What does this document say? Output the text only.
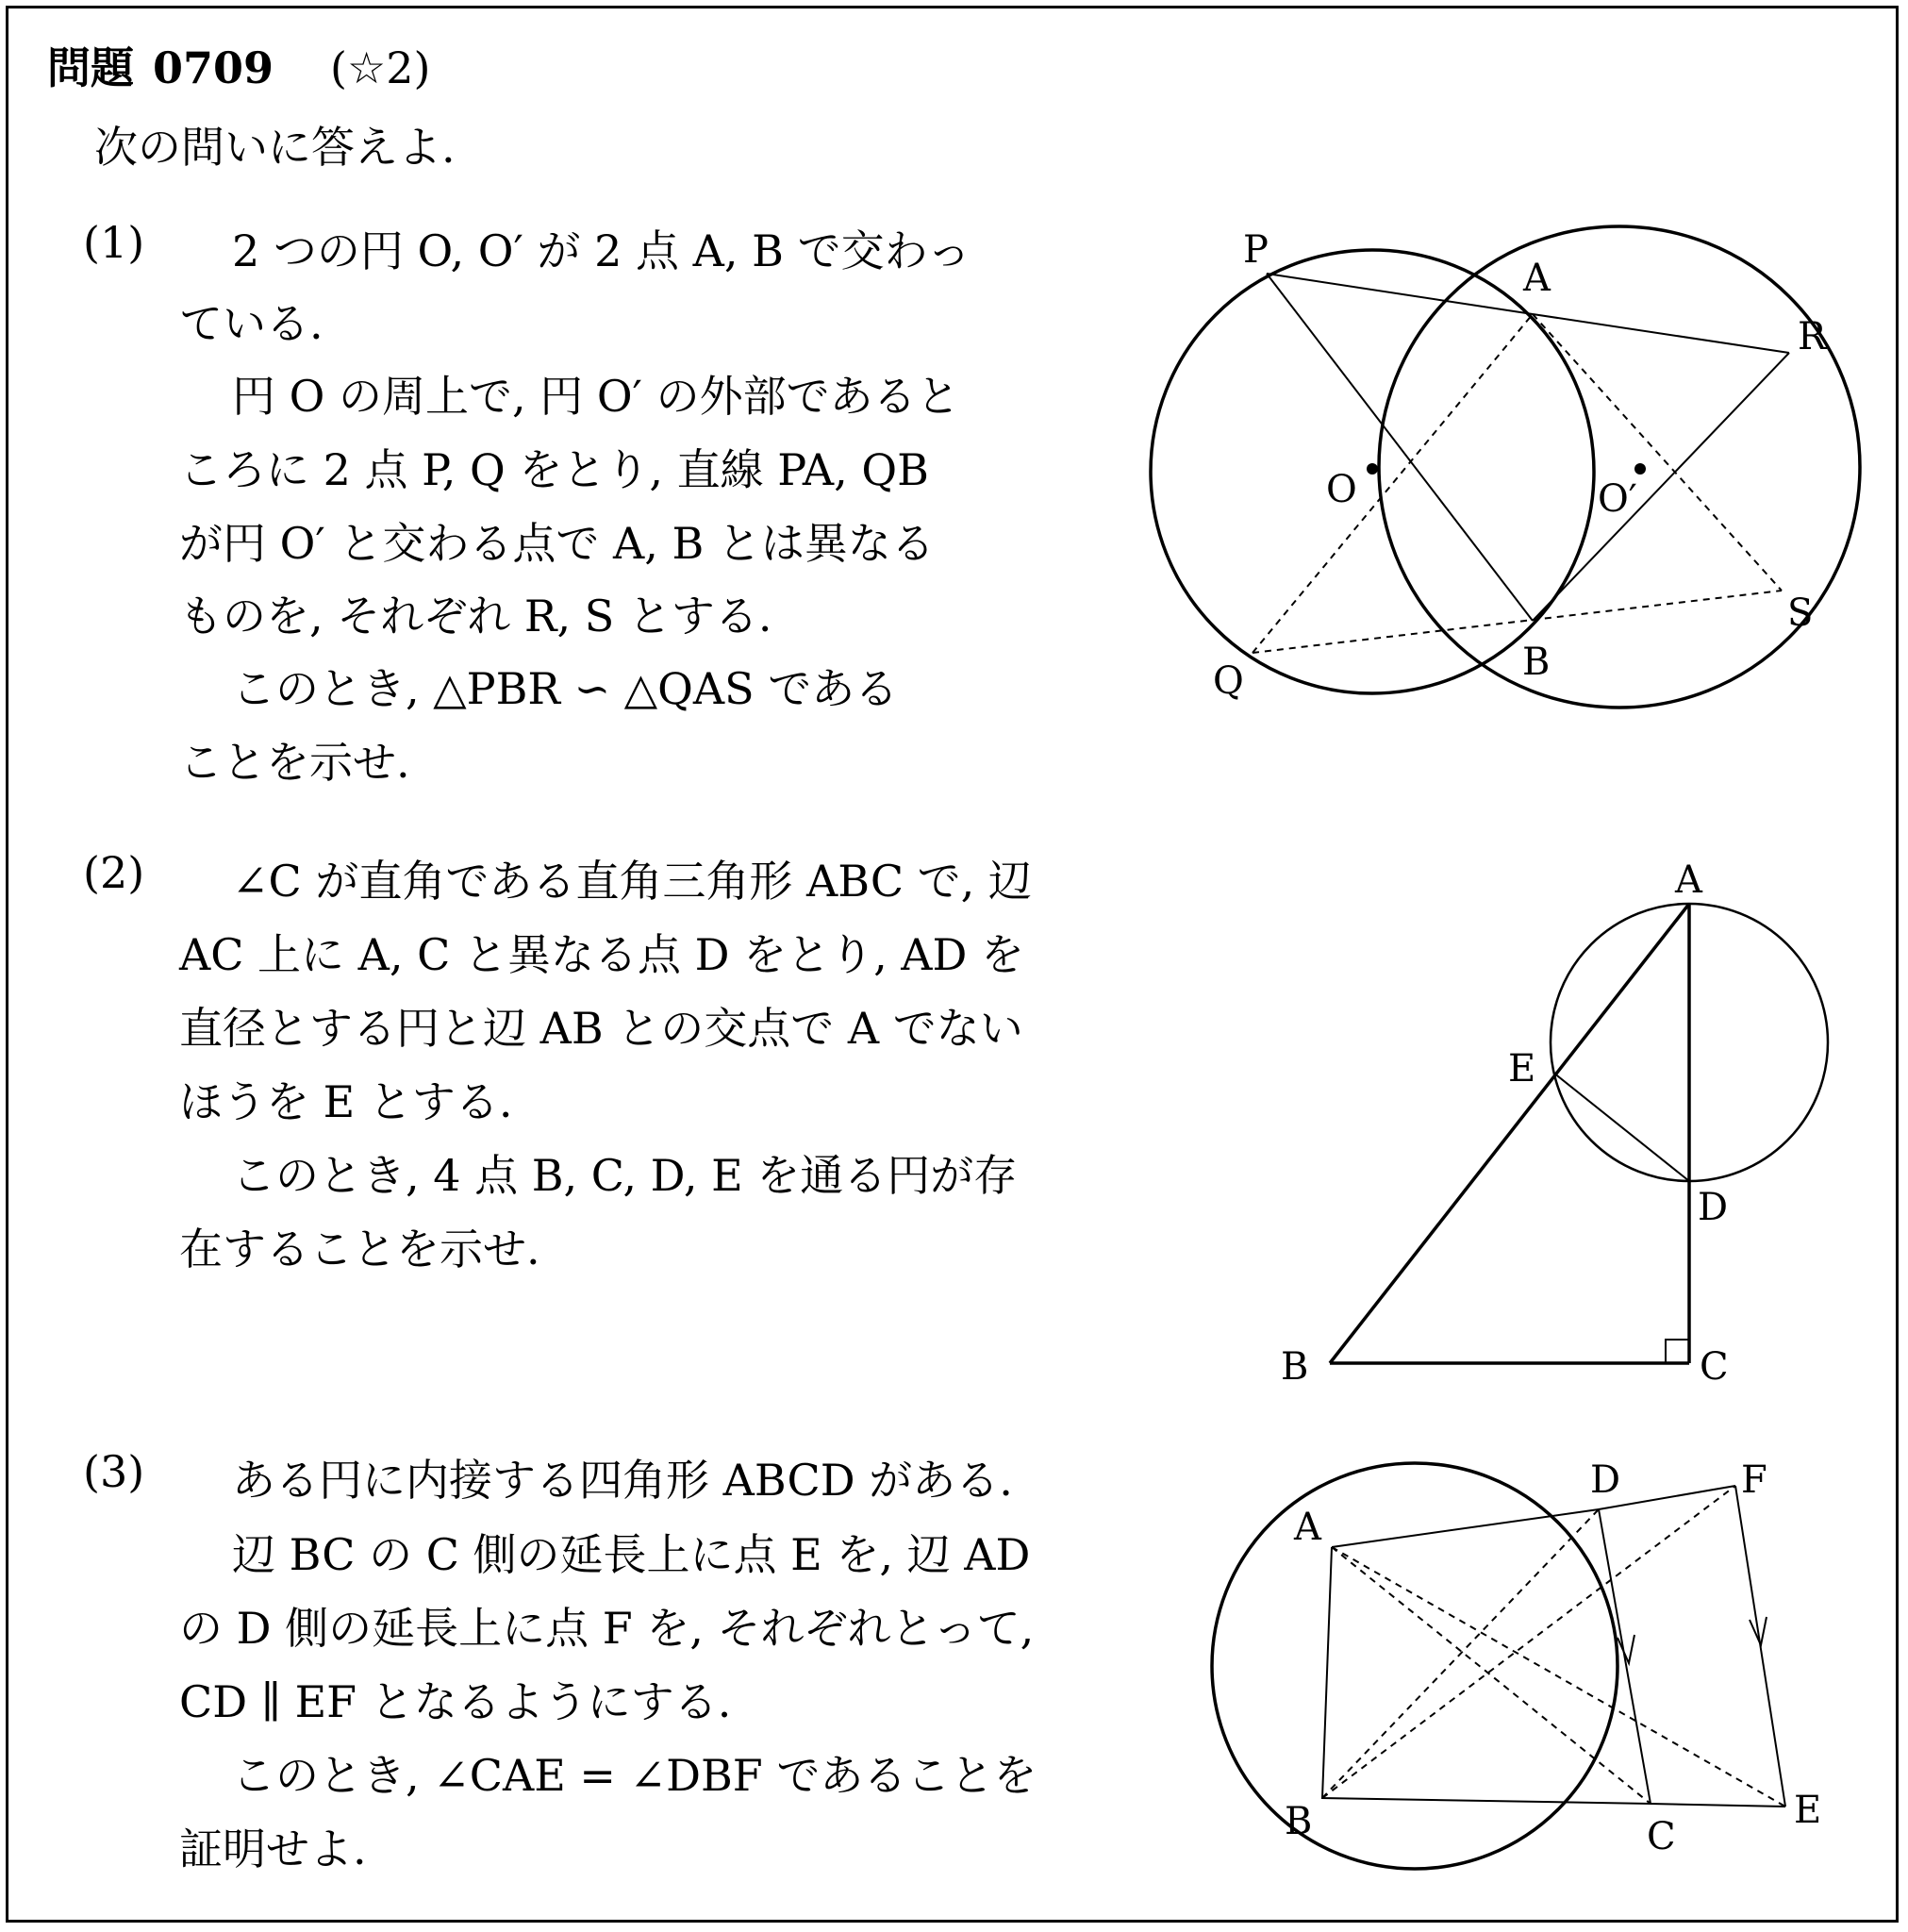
問題 0709 (☆2)
次の問いに答えよ.
(1) 2 つの円 O, O′ が 2 点 A, B で交わっ
ている.
円 O の周上で, 円 O′ の外部であると
ころに 2 点 P, Q をとり, 直線 PA, QB
が円 O′ と交わる点で A, B とは異なる
ものを, それぞれ R, S とする.
このとき, △PBR ∽ △QAS である
ことを示せ.
(2) ∠C が直角である直角三角形 ABC で, 辺
AC 上に A, C と異なる点 D をとり, AD を
直径とする円と辺 AB との交点で A でない
ほうを E とする.
このとき, 4 点 B, C, D, E を通る円が存
在することを示せ.
(3) ある円に内接する四角形 ABCD がある.
辺 BC の C 側の延長上に点 E を, 辺 AD
の D 側の延長上に点 F を, それぞれとって,
CD ∥ EF となるようにする.
このとき, ∠CAE = ∠DBF であることを
証明せよ.
P
A
R
O	O′
Q	B
S
A
E
D
B	C
A
D	F
B	C
E
